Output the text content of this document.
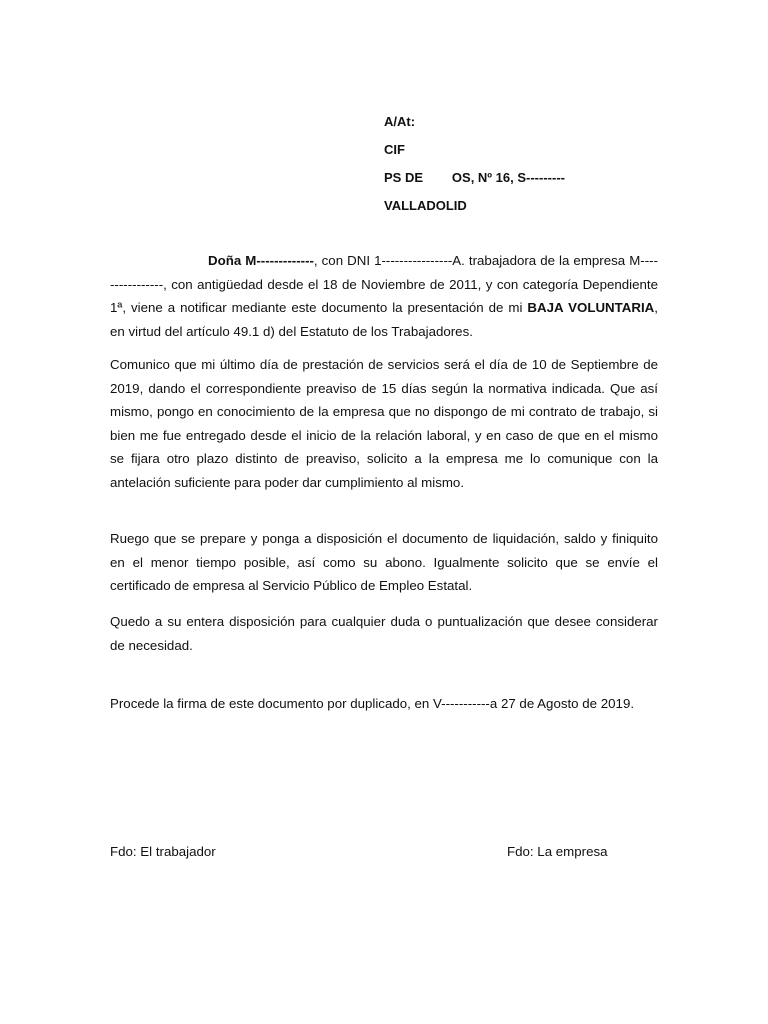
A/At:
CIF
PS DE        OS, Nº 16, S---------
VALLADOLID
Doña M-------------, con DNI 1----------------A. trabajadora de la empresa M----------------, con antigüedad desde el 18 de Noviembre de 2011, y con categoría Dependiente 1ª, viene a notificar mediante este documento la presentación de mi BAJA VOLUNTARIA, en virtud del artículo 49.1 d) del Estatuto de los Trabajadores.
Comunico que mi último día de prestación de servicios será el día de 10 de Septiembre de 2019, dando el correspondiente preaviso de 15 días según la normativa indicada. Que así mismo, pongo en conocimiento de la empresa que no dispongo de mi contrato de trabajo, si bien me fue entregado desde el inicio de la relación laboral, y en caso de que en el mismo se fijara otro plazo distinto de preaviso, solicito a la empresa me lo comunique con la antelación suficiente para poder dar cumplimiento al mismo.
Ruego que se prepare y ponga a disposición el documento de liquidación, saldo y finiquito en el menor tiempo posible, así como su abono. Igualmente solicito que se envíe el certificado de empresa al Servicio Público de Empleo Estatal.
Quedo a su entera disposición para cualquier duda o puntualización que desee considerar de necesidad.
Procede la firma de este documento por duplicado, en V-----------a 27 de Agosto de 2019.
Fdo: El trabajador	Fdo: La empresa
